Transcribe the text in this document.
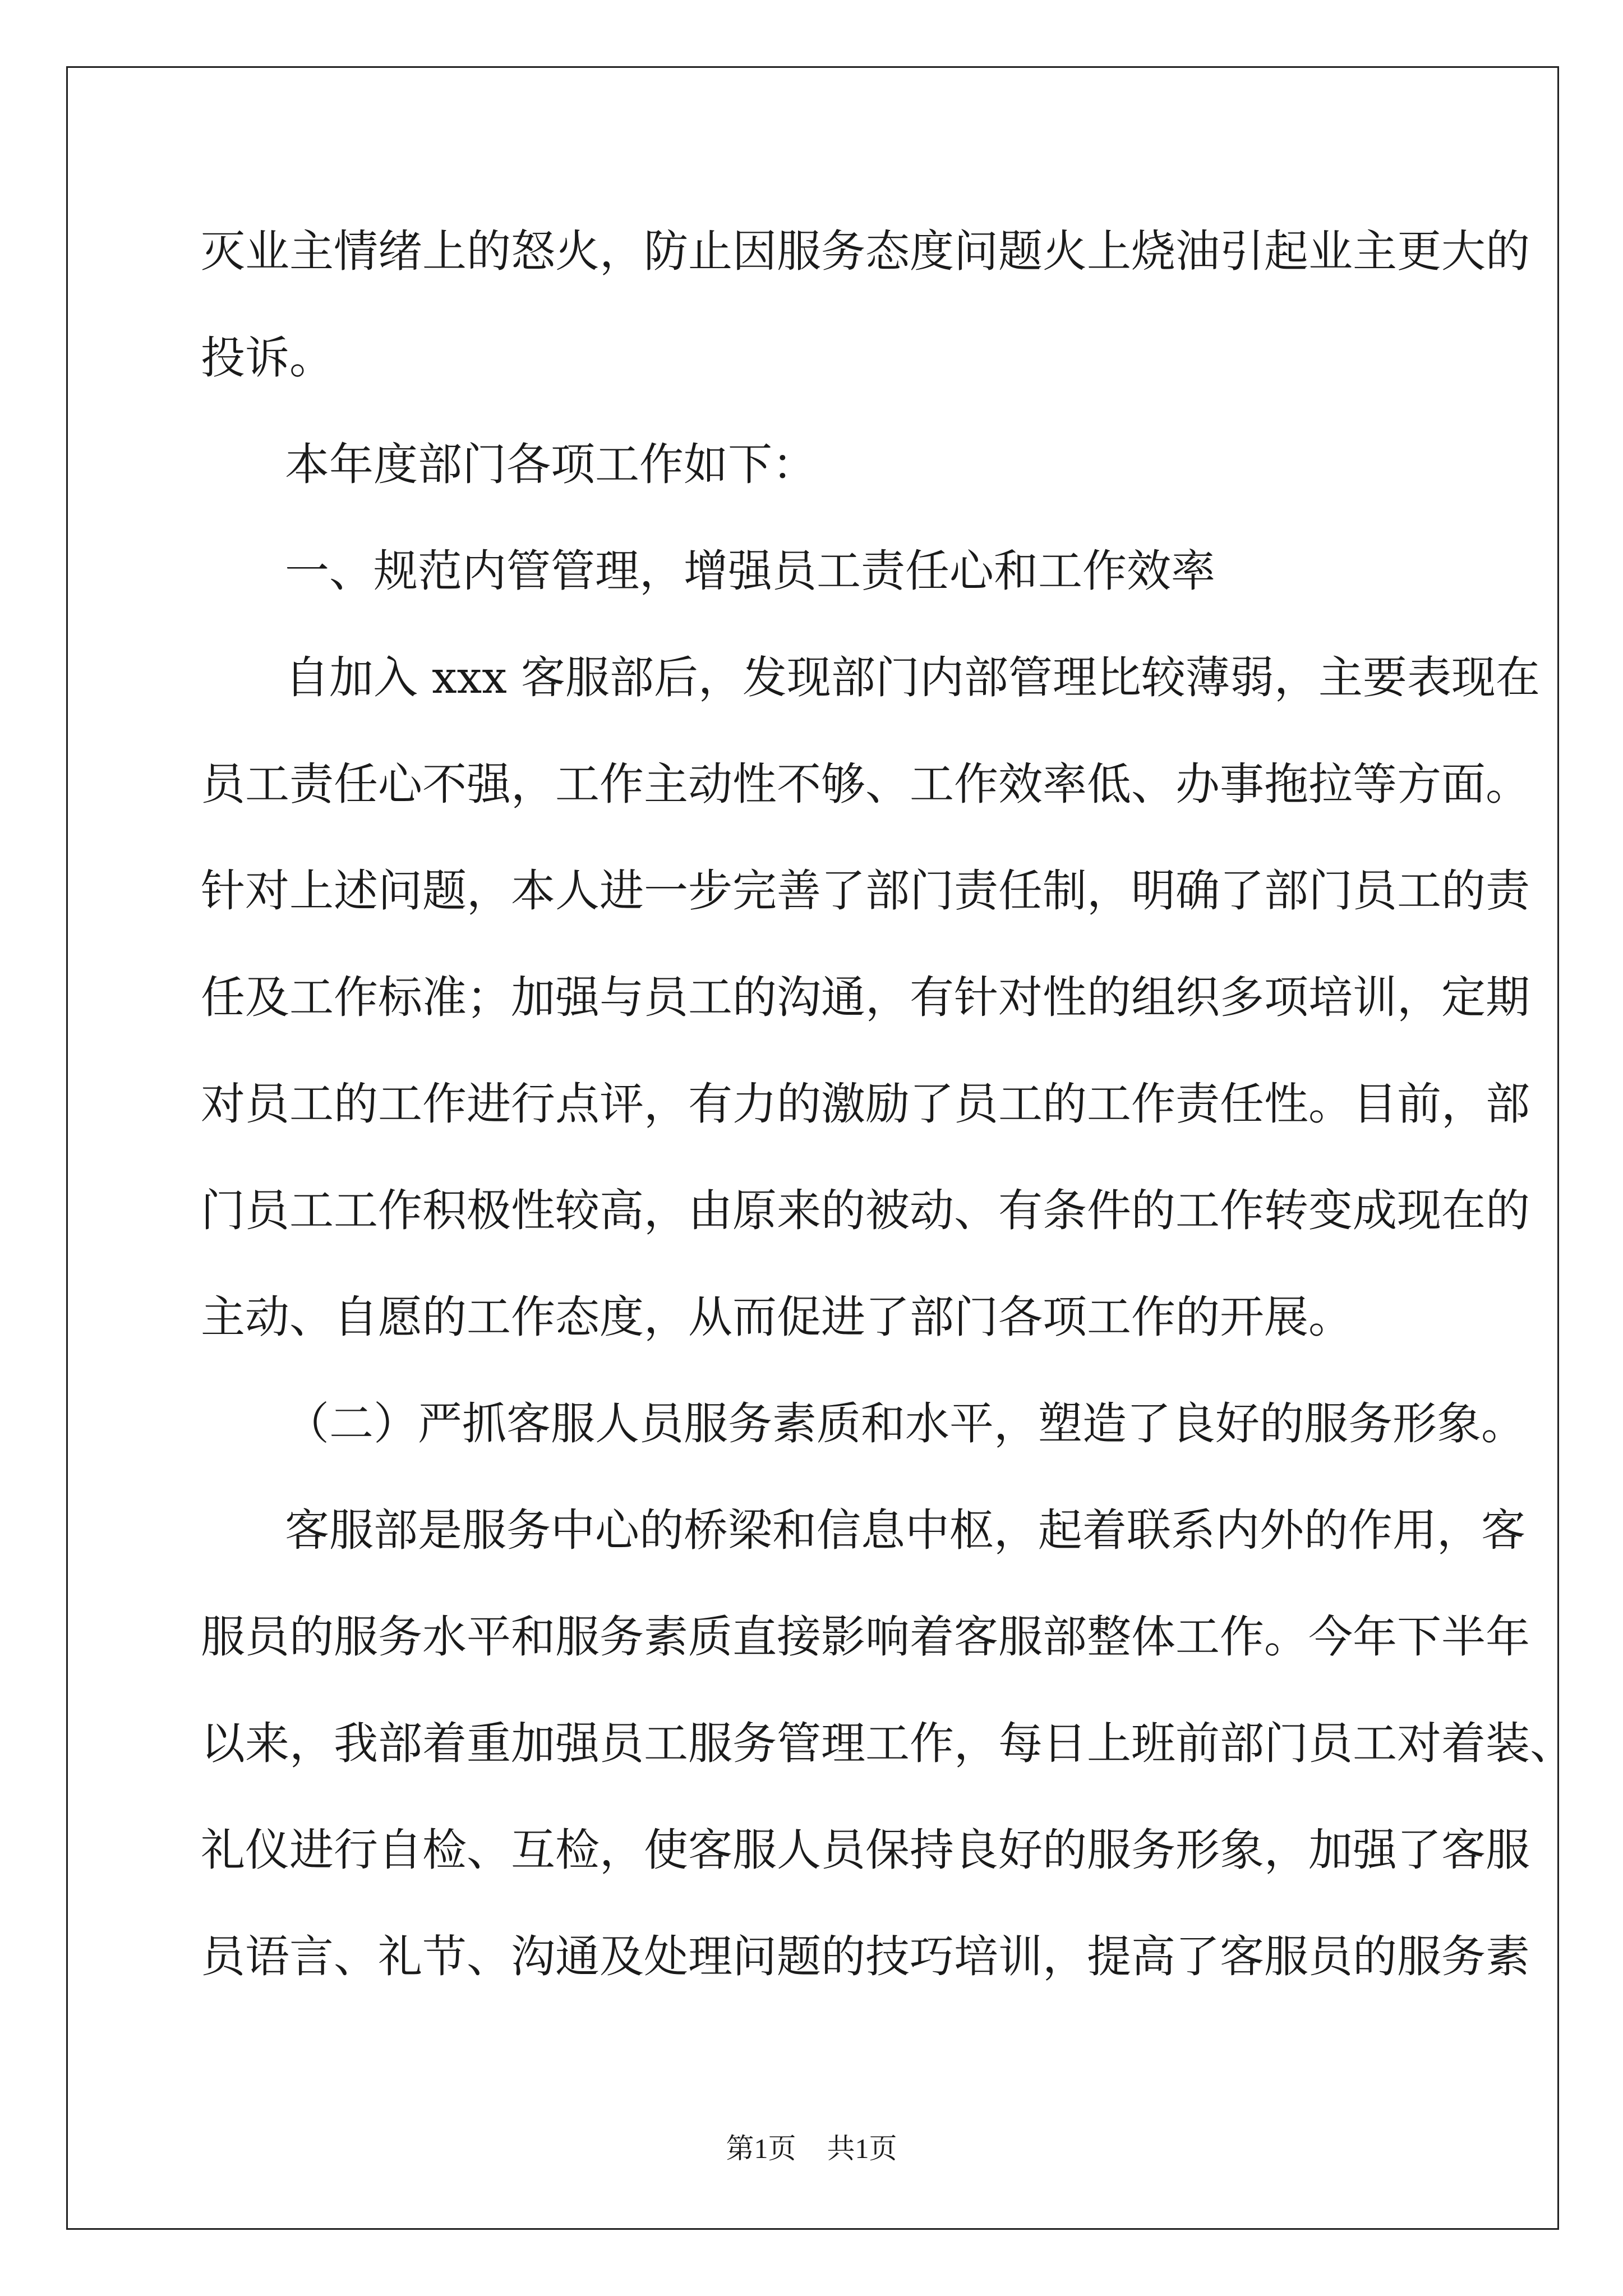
灭业主情绪上的怒火，防止因服务态度问题火上烧油引起业主更大的

投诉。

本年度部门各项工作如下：

一、规范内管管理，增强员工责任心和工作效率

自加入 xxx 客服部后，发现部门内部管理比较薄弱，主要表现在

员工责任心不强，工作主动性不够、工作效率低、办事拖拉等方面。

针对上述问题，本人进一步完善了部门责任制，明确了部门员工的责

任及工作标准；加强与员工的沟通，有针对性的组织多项培训，定期

对员工的工作进行点评，有力的激励了员工的工作责任性。目前，部

门员工工作积极性较高，由原来的被动、有条件的工作转变成现在的

主动、自愿的工作态度，从而促进了部门各项工作的开展。

（二）严抓客服人员服务素质和水平，塑造了良好的服务形象。

客服部是服务中心的桥梁和信息中枢，起着联系内外的作用，客

服员的服务水平和服务素质直接影响着客服部整体工作。今年下半年

以来，我部着重加强员工服务管理工作，每日上班前部门员工对着装、

礼仪进行自检、互检，使客服人员保持良好的服务形象，加强了客服

员语言、礼节、沟通及处理问题的技巧培训，提高了客服员的服务素

第1页 共1页
